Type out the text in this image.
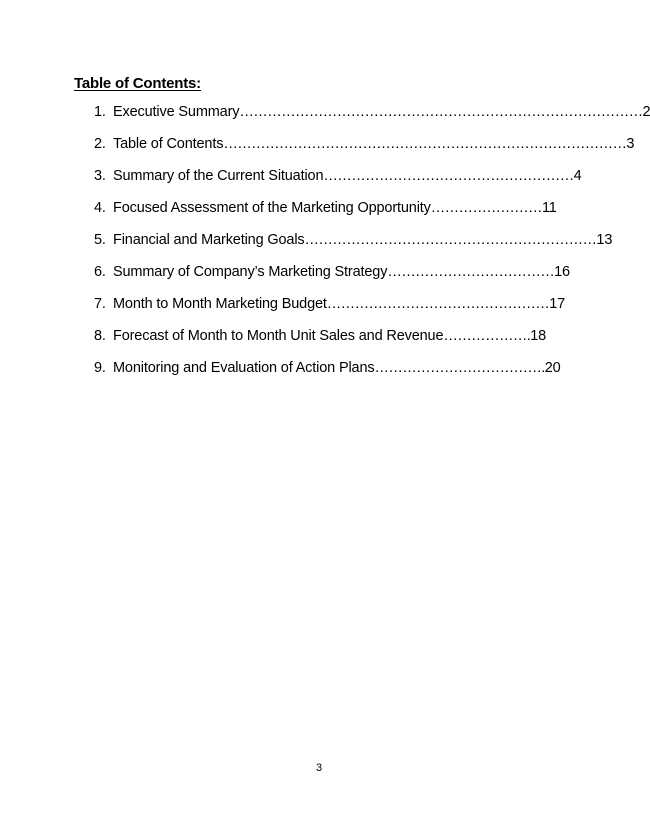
Table of Contents:
1. Executive Summary……………………………………………………………………………2
2. Table of Contents……………………………………………………………………………3
3. Summary of the Current Situation………………………………………………4
4. Focused Assessment of the Marketing Opportunity……………………11
5. Financial and Marketing Goals………………………………………………………13
6. Summary of Company’s Marketing Strategy………………………………16
7. Month to Month Marketing Budget…………………………………………17
8. Forecast of Month to Month Unit Sales and Revenue……………….18
9. Monitoring and Evaluation of Action Plans……………………………….20
3
